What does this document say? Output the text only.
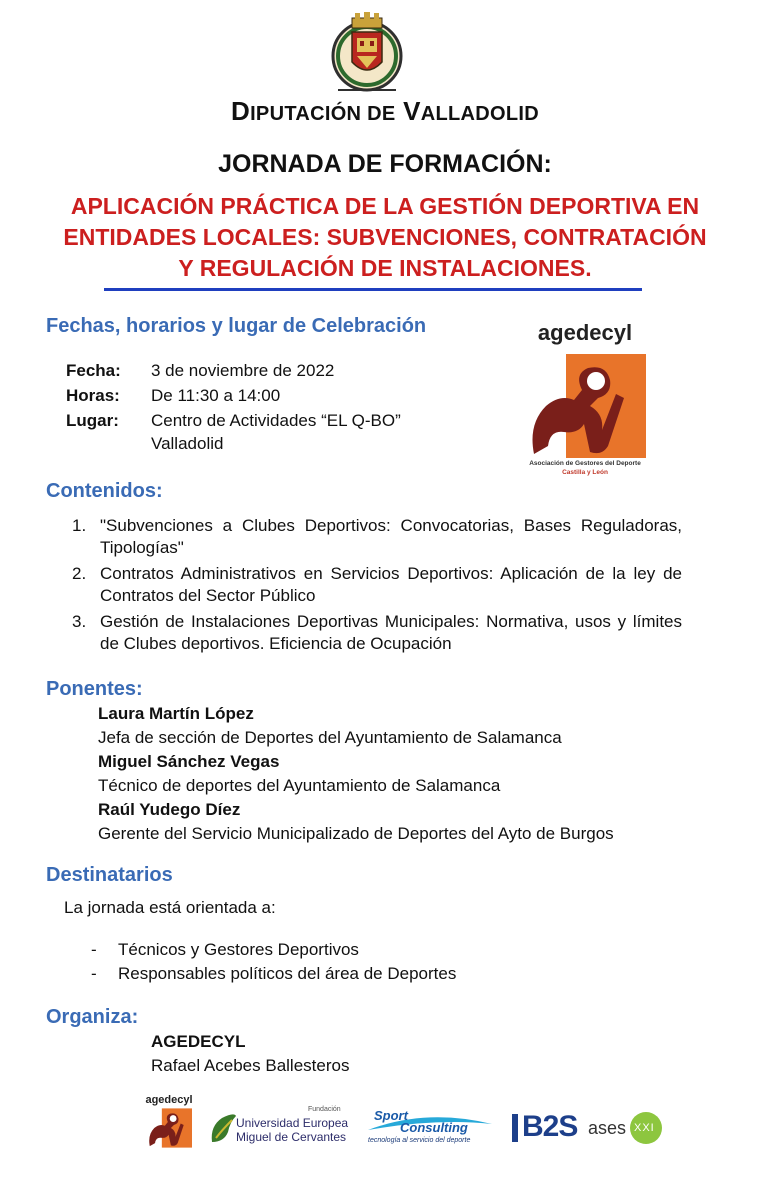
DIPUTACIÓN DE VALLADOLID
JORNADA DE FORMACIÓN:
APLICACIÓN PRÁCTICA DE LA GESTIÓN DEPORTIVA EN
ENTIDADES LOCALES: SUBVENCIONES, CONTRATACIÓN
Y REGULACIÓN DE INSTALACIONES.
Fechas, horarios y lugar de Celebración
Fecha: 3 de noviembre de 2022
Horas: De 11:30 a 14:00
Lugar: Centro de Actividades “EL Q-BO”
Valladolid
agedecyl
Asociación de Gestores del Deporte
Castilla y León
Contenidos:
1. "Subvenciones a Clubes Deportivos: Convocatorias, Bases Reguladoras, Tipologías"
2. Contratos Administrativos en Servicios Deportivos: Aplicación de la ley de Contratos del Sector Público
3. Gestión de Instalaciones Deportivas Municipales: Normativa, usos y límites de Clubes deportivos. Eficiencia de Ocupación
Ponentes:
Laura Martín López
Jefa de sección de Deportes del Ayuntamiento de Salamanca
Miguel Sánchez Vegas
Técnico de deportes del Ayuntamiento de Salamanca
Raúl Yudego Díez
Gerente del Servicio Municipalizado de Deportes del Ayto de Burgos
Destinatarios
La jornada está orientada a:
- Técnicos y Gestores Deportivos
- Responsables políticos del área de Deportes
Organiza:
AGEDECYL
Rafael Acebes Ballesteros
agedecyl
Fundación
Universidad Europea
Miguel de Cervantes
Sport
Consulting
tecnología al servicio del deporte B2S ases XXI
